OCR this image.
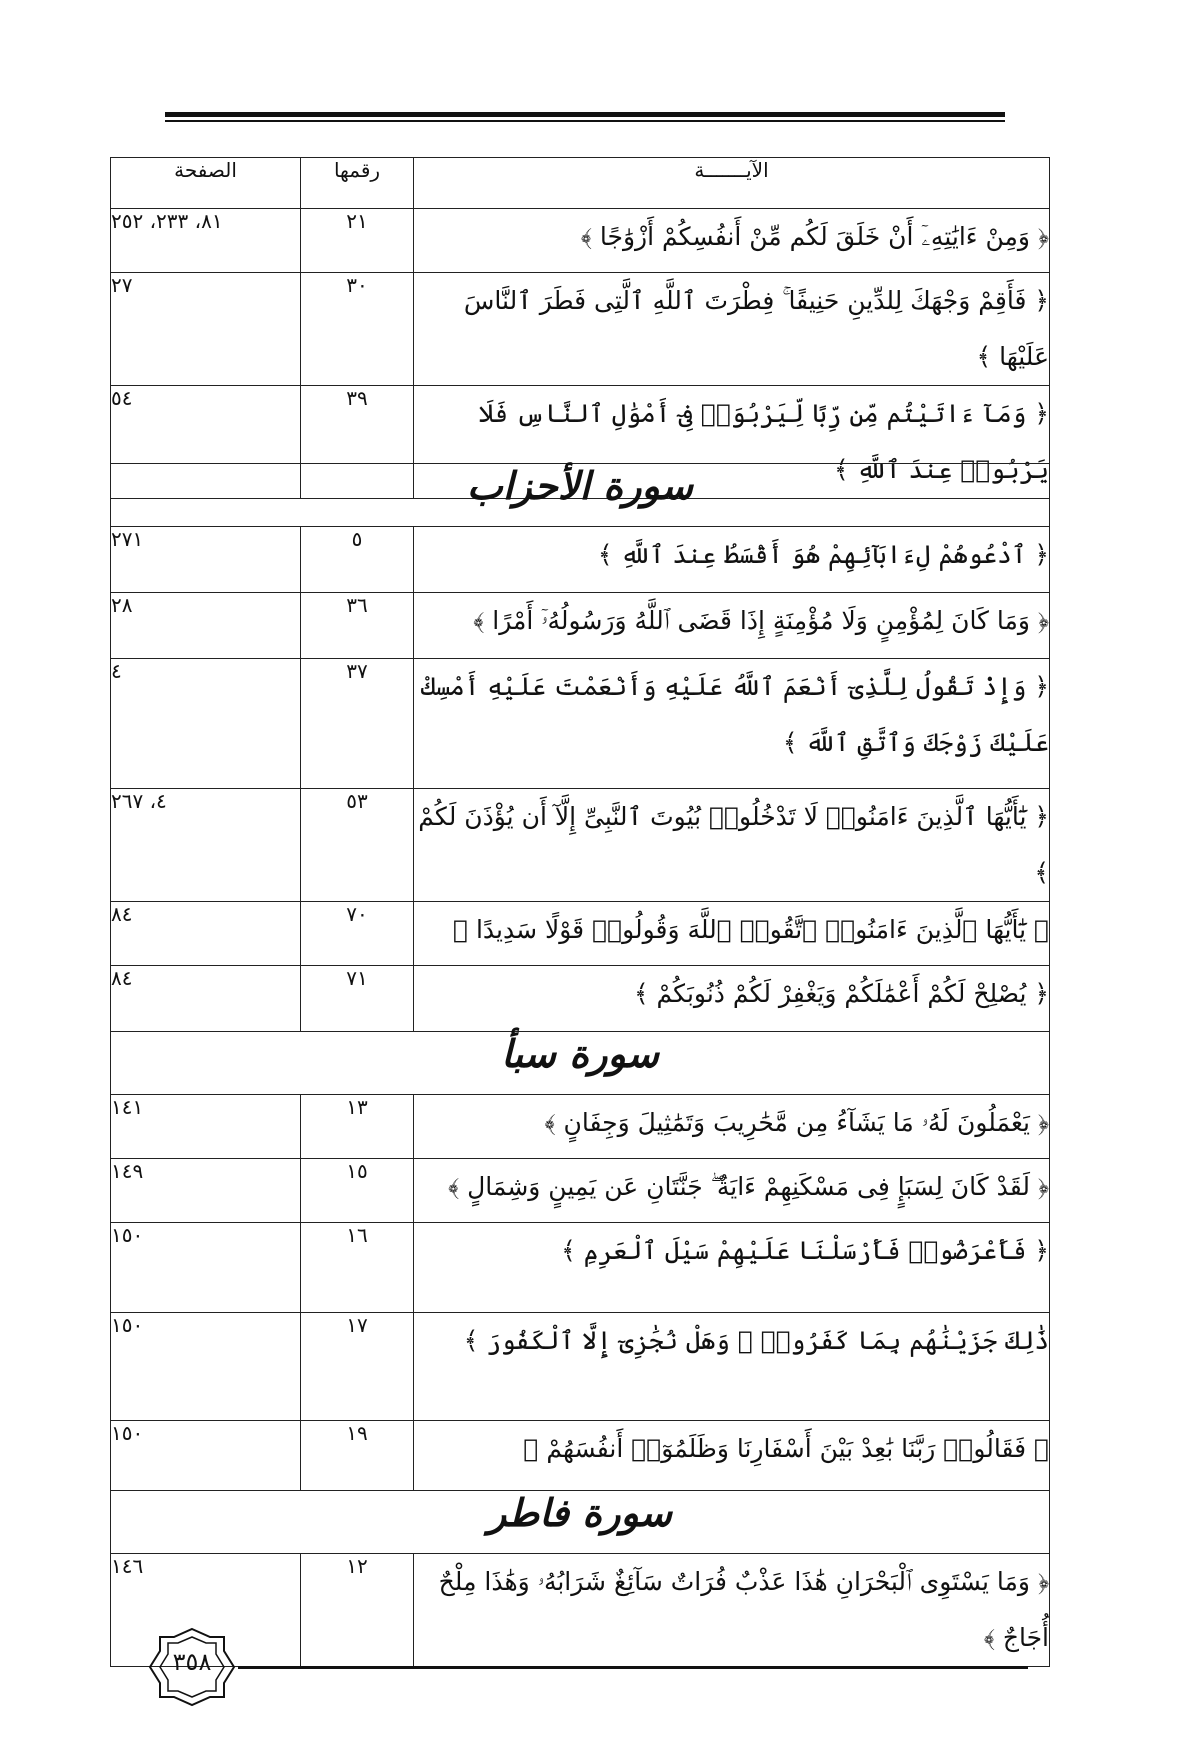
الآيـــــــة	رقمها	الصفحة
﴿ وَمِنْ ءَايَٰتِهِۦٓ أَنْ خَلَقَ لَكُم مِّنْ أَنفُسِكُمْ أَزْوَٰجًا ﴾	٢١	٨١، ٢٣٣، ٢٥٢
﴿ فَأَقِمْ وَجْهَكَ لِلدِّينِ حَنِيفًا ۚ فِطْرَتَ ٱللَّهِ ٱلَّتِى فَطَرَ ٱلنَّاسَ عَلَيْهَا ﴾	٣٠	٢٧
﴿ وَمَآ ءَاتَيْتُم مِّن رِّبًا لِّيَرْبُوَا۟ فِىٓ أَمْوَٰلِ ٱلنَّاسِ فَلَا يَرْبُوا۟ عِندَ ٱللَّهِ ﴾	٣٩	٥٤
سورة الأحزاب		
﴿ ٱدْعُوهُمْ لِءَابَآئِهِمْ هُوَ أَقْسَطُ عِندَ ٱللَّهِ ﴾	٥	٢٧١
﴿ وَمَا كَانَ لِمُؤْمِنٍ وَلَا مُؤْمِنَةٍ إِذَا قَضَى ٱللَّهُ وَرَسُولُهُۥٓ أَمْرًا ﴾	٣٦	٢٨
﴿ وَإِذْ تَقُولُ لِلَّذِىٓ أَنْعَمَ ٱللَّهُ عَلَيْهِ وَأَنْعَمْتَ عَلَيْهِ أَمْسِكْ عَلَيْكَ زَوْجَكَ وَٱتَّقِ ٱللَّهَ ﴾	٣٧	٤
﴿ يَٰٓأَيُّهَا ٱلَّذِينَ ءَامَنُوا۟ لَا تَدْخُلُوا۟ بُيُوتَ ٱلنَّبِىِّ إِلَّآ أَن يُؤْذَنَ لَكُمْ ﴾	٥٣	٤، ٢٦٧
﴿ يَٰٓأَيُّهَا ٱلَّذِينَ ءَامَنُوا۟ ٱتَّقُوا۟ ٱللَّهَ وَقُولُوا۟ قَوْلًا سَدِيدًا ﴾	٧٠	٨٤
﴿ يُصْلِحْ لَكُمْ أَعْمَٰلَكُمْ وَيَغْفِرْ لَكُمْ ذُنُوبَكُمْ ﴾	٧١	٨٤
سورة سبأ		
﴿ يَعْمَلُونَ لَهُۥ مَا يَشَآءُ مِن مَّحَٰرِيبَ وَتَمَٰثِيلَ وَجِفَانٍ ﴾	١٣	١٤١
﴿ لَقَدْ كَانَ لِسَبَإٍ فِى مَسْكَنِهِمْ ءَايَةٌ ۖ جَنَّتَانِ عَن يَمِينٍ وَشِمَالٍ ﴾	١٥	١٤٩
﴿ فَأَعْرَضُوا۟ فَأَرْسَلْنَا عَلَيْهِمْ سَيْلَ ٱلْعَرِمِ ﴾	١٦	١٥٠
ذَٰلِكَ جَزَيْنَٰهُم بِمَا كَفَرُوا۟ ۖ وَهَلْ نُجَٰزِىٓ إِلَّا ٱلْكَفُورَ ﴾	١٧	١٥٠
﴿ فَقَالُوا۟ رَبَّنَا بَٰعِدْ بَيْنَ أَسْفَارِنَا وَظَلَمُوٓا۟ أَنفُسَهُمْ ﴾	١٩	١٥٠
سورة فاطر		
﴿ وَمَا يَسْتَوِى ٱلْبَحْرَانِ هَٰذَا عَذْبٌ فُرَاتٌ سَآئِغٌ شَرَابُهُۥ وَهَٰذَا مِلْحٌ أُجَاجٌ ﴾	١٢	١٤٦
٣٥٨
